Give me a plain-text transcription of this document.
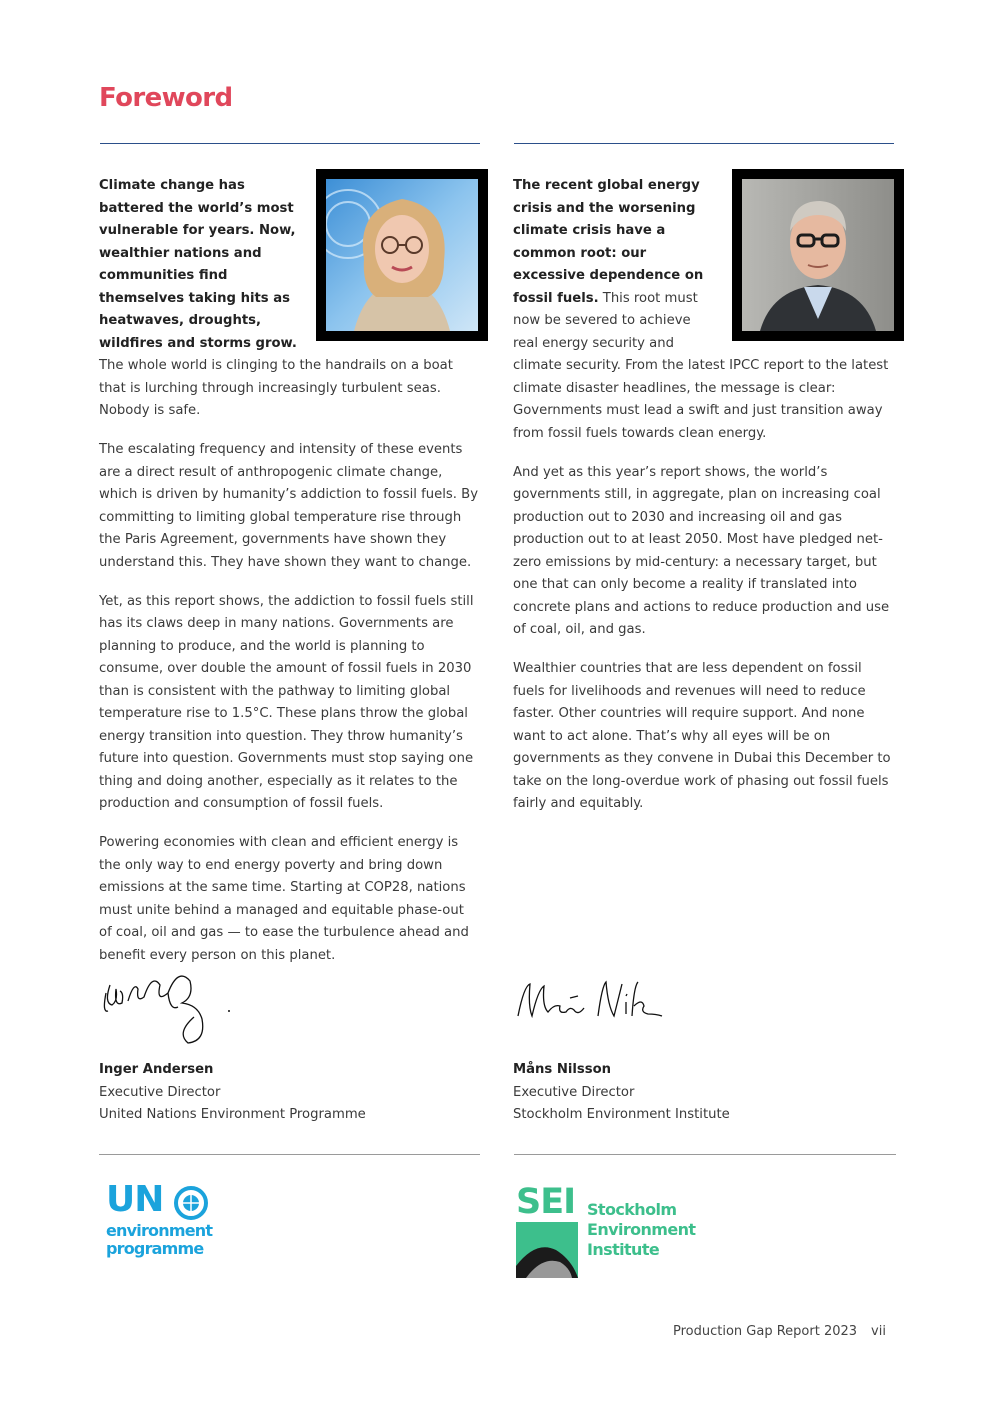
Foreword

Climate change has battered the world’s most vulnerable for years. Now, wealthier nations and communities find themselves taking hits as heatwaves, droughts, wildfires and storms grow. The whole world is clinging to the handrails on a boat that is lurching through increasingly turbulent seas. Nobody is safe.

The escalating frequency and intensity of these events are a direct result of anthropogenic climate change, which is driven by humanity’s addiction to fossil fuels. By committing to limiting global temperature rise through the Paris Agreement, governments have shown they understand this. They have shown they want to change.

Yet, as this report shows, the addiction to fossil fuels still has its claws deep in many nations. Governments are planning to produce, and the world is planning to consume, over double the amount of fossil fuels in 2030 than is consistent with the pathway to limiting global temperature rise to 1.5°C. These plans throw the global energy transition into question. They throw humanity’s future into question. Governments must stop saying one thing and doing another, especially as it relates to the production and consumption of fossil fuels.

Powering economies with clean and efficient energy is the only way to end energy poverty and bring down emissions at the same time. Starting at COP28, nations must unite behind a managed and equitable phase-out of coal, oil and gas — to ease the turbulence ahead and benefit every person on this planet.

The recent global energy crisis and the worsening climate crisis have a common root: our excessive dependence on fossil fuels. This root must now be severed to achieve real energy security and climate security. From the latest IPCC report to the latest climate disaster headlines, the message is clear: Governments must lead a swift and just transition away from fossil fuels towards clean energy.

And yet as this year’s report shows, the world’s governments still, in aggregate, plan on increasing coal production out to 2030 and increasing oil and gas production out to at least 2050. Most have pledged net-zero emissions by mid-century: a necessary target, but one that can only become a reality if translated into concrete plans and actions to reduce production and use of coal, oil, and gas.

Wealthier countries that are less dependent on fossil fuels for livelihoods and revenues will need to reduce faster. Other countries will require support. And none want to act alone. That’s why all eyes will be on governments as they convene in Dubai this December to take on the long-overdue work of phasing out fossil fuels fairly and equitably.

Inger Andersen
Executive Director
United Nations Environment Programme
Måns Nilsson
Executive Director
Stockholm Environment Institute
UN
environment
programme
SEI Stockholm
Environment
Institute
Production Gap Report 2023 vii
